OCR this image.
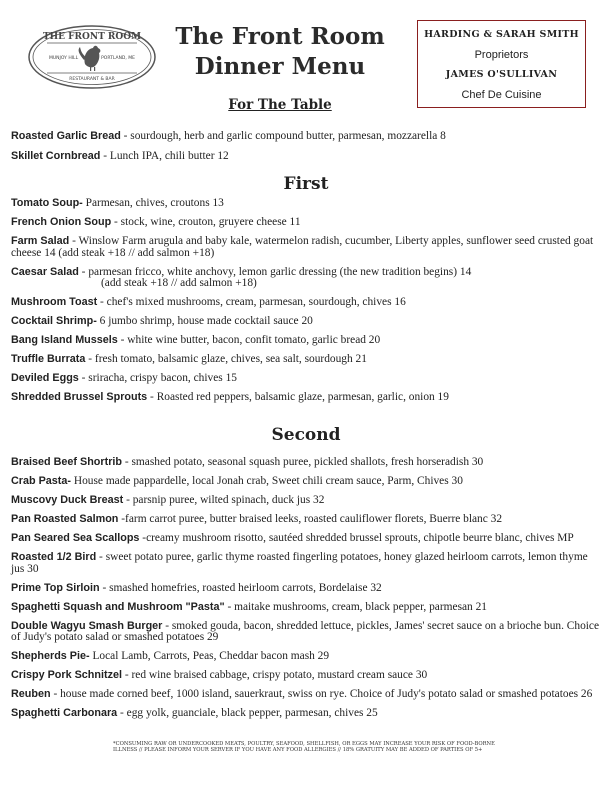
THE FRONT ROOM
MUNJOY HILL	PORTLAND, ME
RESTAURANT & BAR
The Front Room
Dinner Menu
For The Table
HARDING & SARAH SMITH
Proprietors
JAMES O'SULLIVAN
Chef De Cuisine

Roasted Garlic Bread - sourdough, herb and garlic compound butter, parmesan, mozzarella 8

Skillet Cornbread - Lunch IPA, chili butter 12

First

Tomato Soup- Parmesan, chives, croutons 13

French Onion Soup - stock, wine, crouton, gruyere cheese 11

Farm Salad - Winslow Farm arugula and baby kale, watermelon radish, cucumber, Liberty apples, sunflower seed crusted goat cheese 14 (add steak +18 // add salmon +18)

Caesar Salad - parmesan fricco, white anchovy, lemon garlic dressing (the new tradition begins) 14

(add steak +18 // add salmon +18)

Mushroom Toast - chef's mixed mushrooms, cream, parmesan, sourdough, chives 16

Cocktail Shrimp- 6 jumbo shrimp, house made cocktail sauce 20

Bang Island Mussels - white wine butter, bacon, confit tomato, garlic bread 20

Truffle Burrata - fresh tomato, balsamic glaze, chives, sea salt, sourdough 21

Deviled Eggs - sriracha, crispy bacon, chives 15

Shredded Brussel Sprouts - Roasted red peppers, balsamic glaze, parmesan, garlic, onion 19

Second

Braised Beef Shortrib - smashed potato, seasonal squash puree, pickled shallots, fresh horseradish 30

Crab Pasta- House made pappardelle, local Jonah crab, Sweet chili cream sauce, Parm, Chives 30

Muscovy Duck Breast - parsnip puree, wilted spinach, duck jus 32

Pan Roasted Salmon -farm carrot puree, butter braised leeks, roasted cauliflower florets, Buerre blanc 32

Pan Seared Sea Scallops -creamy mushroom risotto, sautéed shredded brussel sprouts, chipotle beurre blanc, chives MP

Roasted 1/2 Bird - sweet potato puree, garlic thyme roasted fingerling potatoes, honey glazed heirloom carrots, lemon thyme jus 30

Prime Top Sirloin - smashed homefries, roasted heirloom carrots, Bordelaise 32

Spaghetti Squash and Mushroom "Pasta" - maitake mushrooms, cream, black pepper, parmesan 21

Double Wagyu Smash Burger - smoked gouda, bacon, shredded lettuce, pickles, James' secret sauce on a brioche bun. Choice of Judy's potato salad or smashed potatoes 29

Shepherds Pie- Local Lamb, Carrots, Peas, Cheddar bacon mash 29

Crispy Pork Schnitzel - red wine braised cabbage, crispy potato, mustard cream sauce 30

Reuben - house made corned beef, 1000 island, sauerkraut, swiss on rye. Choice of Judy's potato salad or smashed potatoes 26

Spaghetti Carbonara - egg yolk, guanciale, black pepper, parmesan, chives 25

*CONSUMING RAW OR UNDERCOOKED MEATS, POULTRY, SEAFOOD, SHELLFISH, OR EGGS MAY INCREASE YOUR RISK OF FOOD-BORNE ILLNESS // PLEASE INFORM YOUR SERVER IF YOU HAVE ANY FOOD ALLERGIES // 18% GRATUITY MAY BE ADDED OF PARTIES OF 5+
